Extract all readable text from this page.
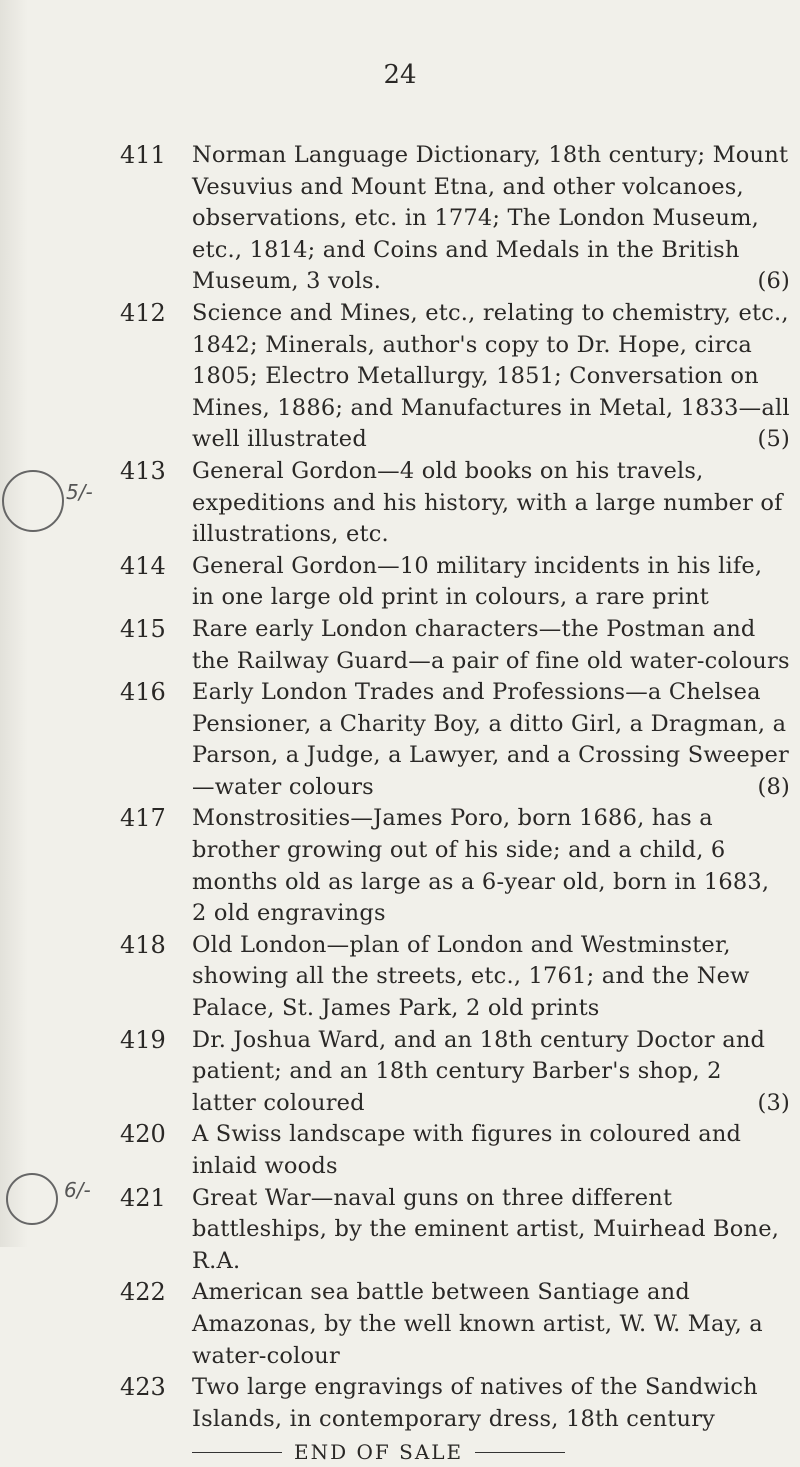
24
411	Norman Language Dictionary, 18th century; Mount Vesuvius and Mount Etna, and other volcanoes, observations, etc. in 1774; The London Museum, etc., 1814; and Coins and Medals in the British Museum, 3 vols.	(6)
412	Science and Mines, etc., relating to chemistry, etc., 1842; Minerals, author's copy to Dr. Hope, circa 1805; Electro Metallurgy, 1851; Conversation on Mines, 1886; and Manufactures in Metal, 1833—all well illustrated	(5)
413	General Gordon—4 old books on his travels, expeditions and his history, with a large number of illustrations, etc.
414	General Gordon—10 military incidents in his life, in one large old print in colours, a rare print
415	Rare early London characters—the Postman and the Railway Guard—a pair of fine old water-colours
416	Early London Trades and Professions—a Chelsea Pensioner, a Charity Boy, a ditto Girl, a Dragman, a Parson, a Judge, a Lawyer, and a Crossing Sweeper—water colours	(8)
417	Monstrosities—James Poro, born 1686, has a brother growing out of his side; and a child, 6 months old as large as a 6-year old, born in 1683, 2 old engravings
418	Old London—plan of London and Westminster, showing all the streets, etc., 1761; and the New Palace, St. James Park, 2 old prints
419	Dr. Joshua Ward, and an 18th century Doctor and patient; and an 18th century Barber's shop, 2 latter coloured	(3)
420	A Swiss landscape with figures in coloured and inlaid woods
421	Great War—naval guns on three different battleships, by the eminent artist, Muirhead Bone, R.A.
422	American sea battle between Santiage and Amazonas, by the well known artist, W. W. May, a water-colour
423	Two large engravings of natives of the Sandwich Islands, in contemporary dress, 18th century
END OF SALE
5/-
6/-
